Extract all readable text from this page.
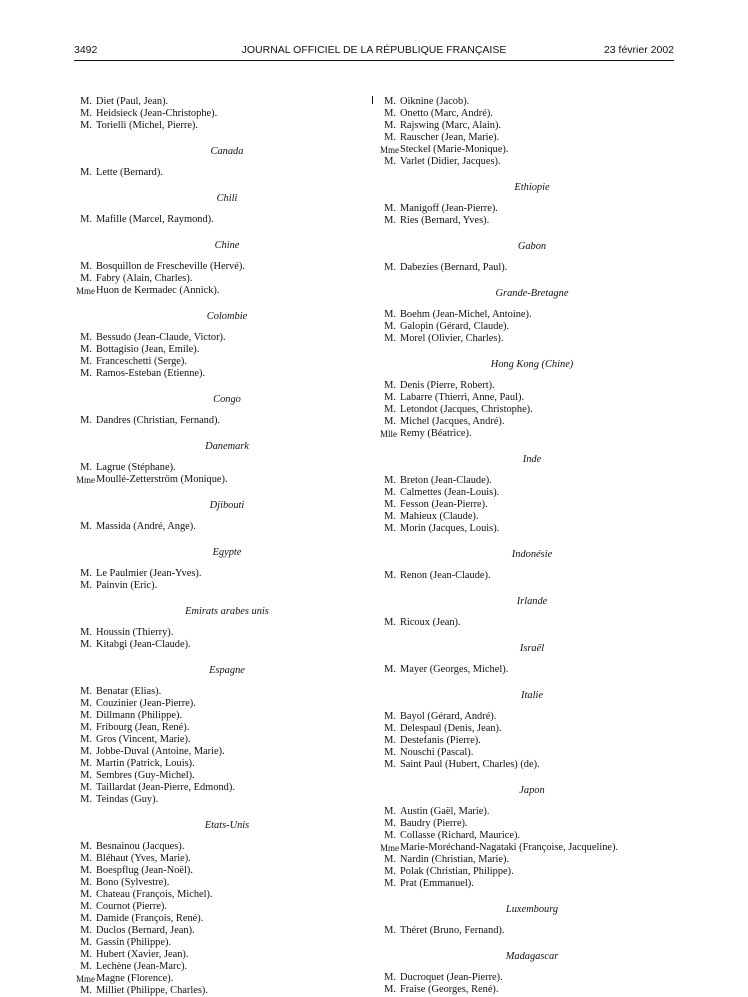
3492	JOURNAL OFFICIEL DE LA RÉPUBLIQUE FRANÇAISE	23 février 2002
M. Diet (Paul, Jean).
M. Heidsieck (Jean-Christophe).
M. Torielli (Michel, Pierre).
Canada
M. Lette (Bernard).
Chili
M. Mafille (Marcel, Raymond).
Chine
M. Bosquillon de Frescheville (Hervé).
M. Fabry (Alain, Charles).
Mme Huon de Kermadec (Annick).
Colombie
M. Bessudo (Jean-Claude, Victor).
M. Bottagisio (Jean, Emile).
M. Franceschetti (Serge).
M. Ramos-Esteban (Etienne).
Congo
M. Dandres (Christian, Fernand).
Danemark
M. Lagrue (Stéphane).
Mme Moullé-Zetterström (Monique).
Djibouti
M. Massida (André, Ange).
Egypte
M. Le Paulmier (Jean-Yves).
M. Painvin (Eric).
Emirats arabes unis
M. Houssin (Thierry).
M. Kitabgi (Jean-Claude).
Espagne
M. Benatar (Elias).
M. Couzinier (Jean-Pierre).
M. Dillmann (Philippe).
M. Fribourg (Jean, René).
M. Gros (Vincent, Marie).
M. Jobbe-Duval (Antoine, Marie).
M. Martin (Patrick, Louis).
M. Sembres (Guy-Michel).
M. Taillardat (Jean-Pierre, Edmond).
M. Teindas (Guy).
Etats-Unis
M. Besnainou (Jacques).
M. Bléhaut (Yves, Marie).
M. Boespflug (Jean-Noël).
M. Bono (Sylvestre).
M. Chateau (François, Michel).
M. Cournot (Pierre).
M. Damide (François, René).
M. Duclos (Bernard, Jean).
M. Gassin (Philippe).
M. Hubert (Xavier, Jean).
M. Lechène (Jean-Marc).
Mme Magne (Florence).
M. Milliet (Philippe, Charles).
M. Oiknine (Jacob).
M. Onetto (Marc, André).
M. Rajswing (Marc, Alain).
M. Rauscher (Jean, Marie).
Mme Steckel (Marie-Monique).
M. Varlet (Didier, Jacques).
Ethiopie
M. Manigoff (Jean-Pierre).
M. Ries (Bernard, Yves).
Gabon
M. Dabezies (Bernard, Paul).
Grande-Bretagne
M. Boehm (Jean-Michel, Antoine).
M. Galopin (Gérard, Claude).
M. Morel (Olivier, Charles).
Hong Kong (Chine)
M. Denis (Pierre, Robert).
M. Labarre (Thierri, Anne, Paul).
M. Letondot (Jacques, Christophe).
M. Michel (Jacques, André).
Mlle Remy (Béatrice).
Inde
M. Breton (Jean-Claude).
M. Calmettes (Jean-Louis).
M. Fesson (Jean-Pierre).
M. Mahieux (Claude).
M. Morin (Jacques, Louis).
Indonésie
M. Renon (Jean-Claude).
Irlande
M. Ricoux (Jean).
Israël
M. Mayer (Georges, Michel).
Italie
M. Bayol (Gérard, André).
M. Delespaul (Denis, Jean).
M. Destefanis (Pierre).
M. Nouschi (Pascal).
M. Saint Paul (Hubert, Charles) (de).
Japon
M. Austin (Gaël, Marie).
M. Baudry (Pierre).
M. Collasse (Richard, Maurice).
Mme Marie-Moréchand-Nagataki (Françoise, Jacqueline).
M. Nardin (Christian, Marie).
M. Polak (Christian, Philippe).
M. Prat (Emmanuel).
Luxembourg
M. Théret (Bruno, Fernand).
Madagascar
M. Ducroquet (Jean-Pierre).
M. Fraise (Georges, René).
